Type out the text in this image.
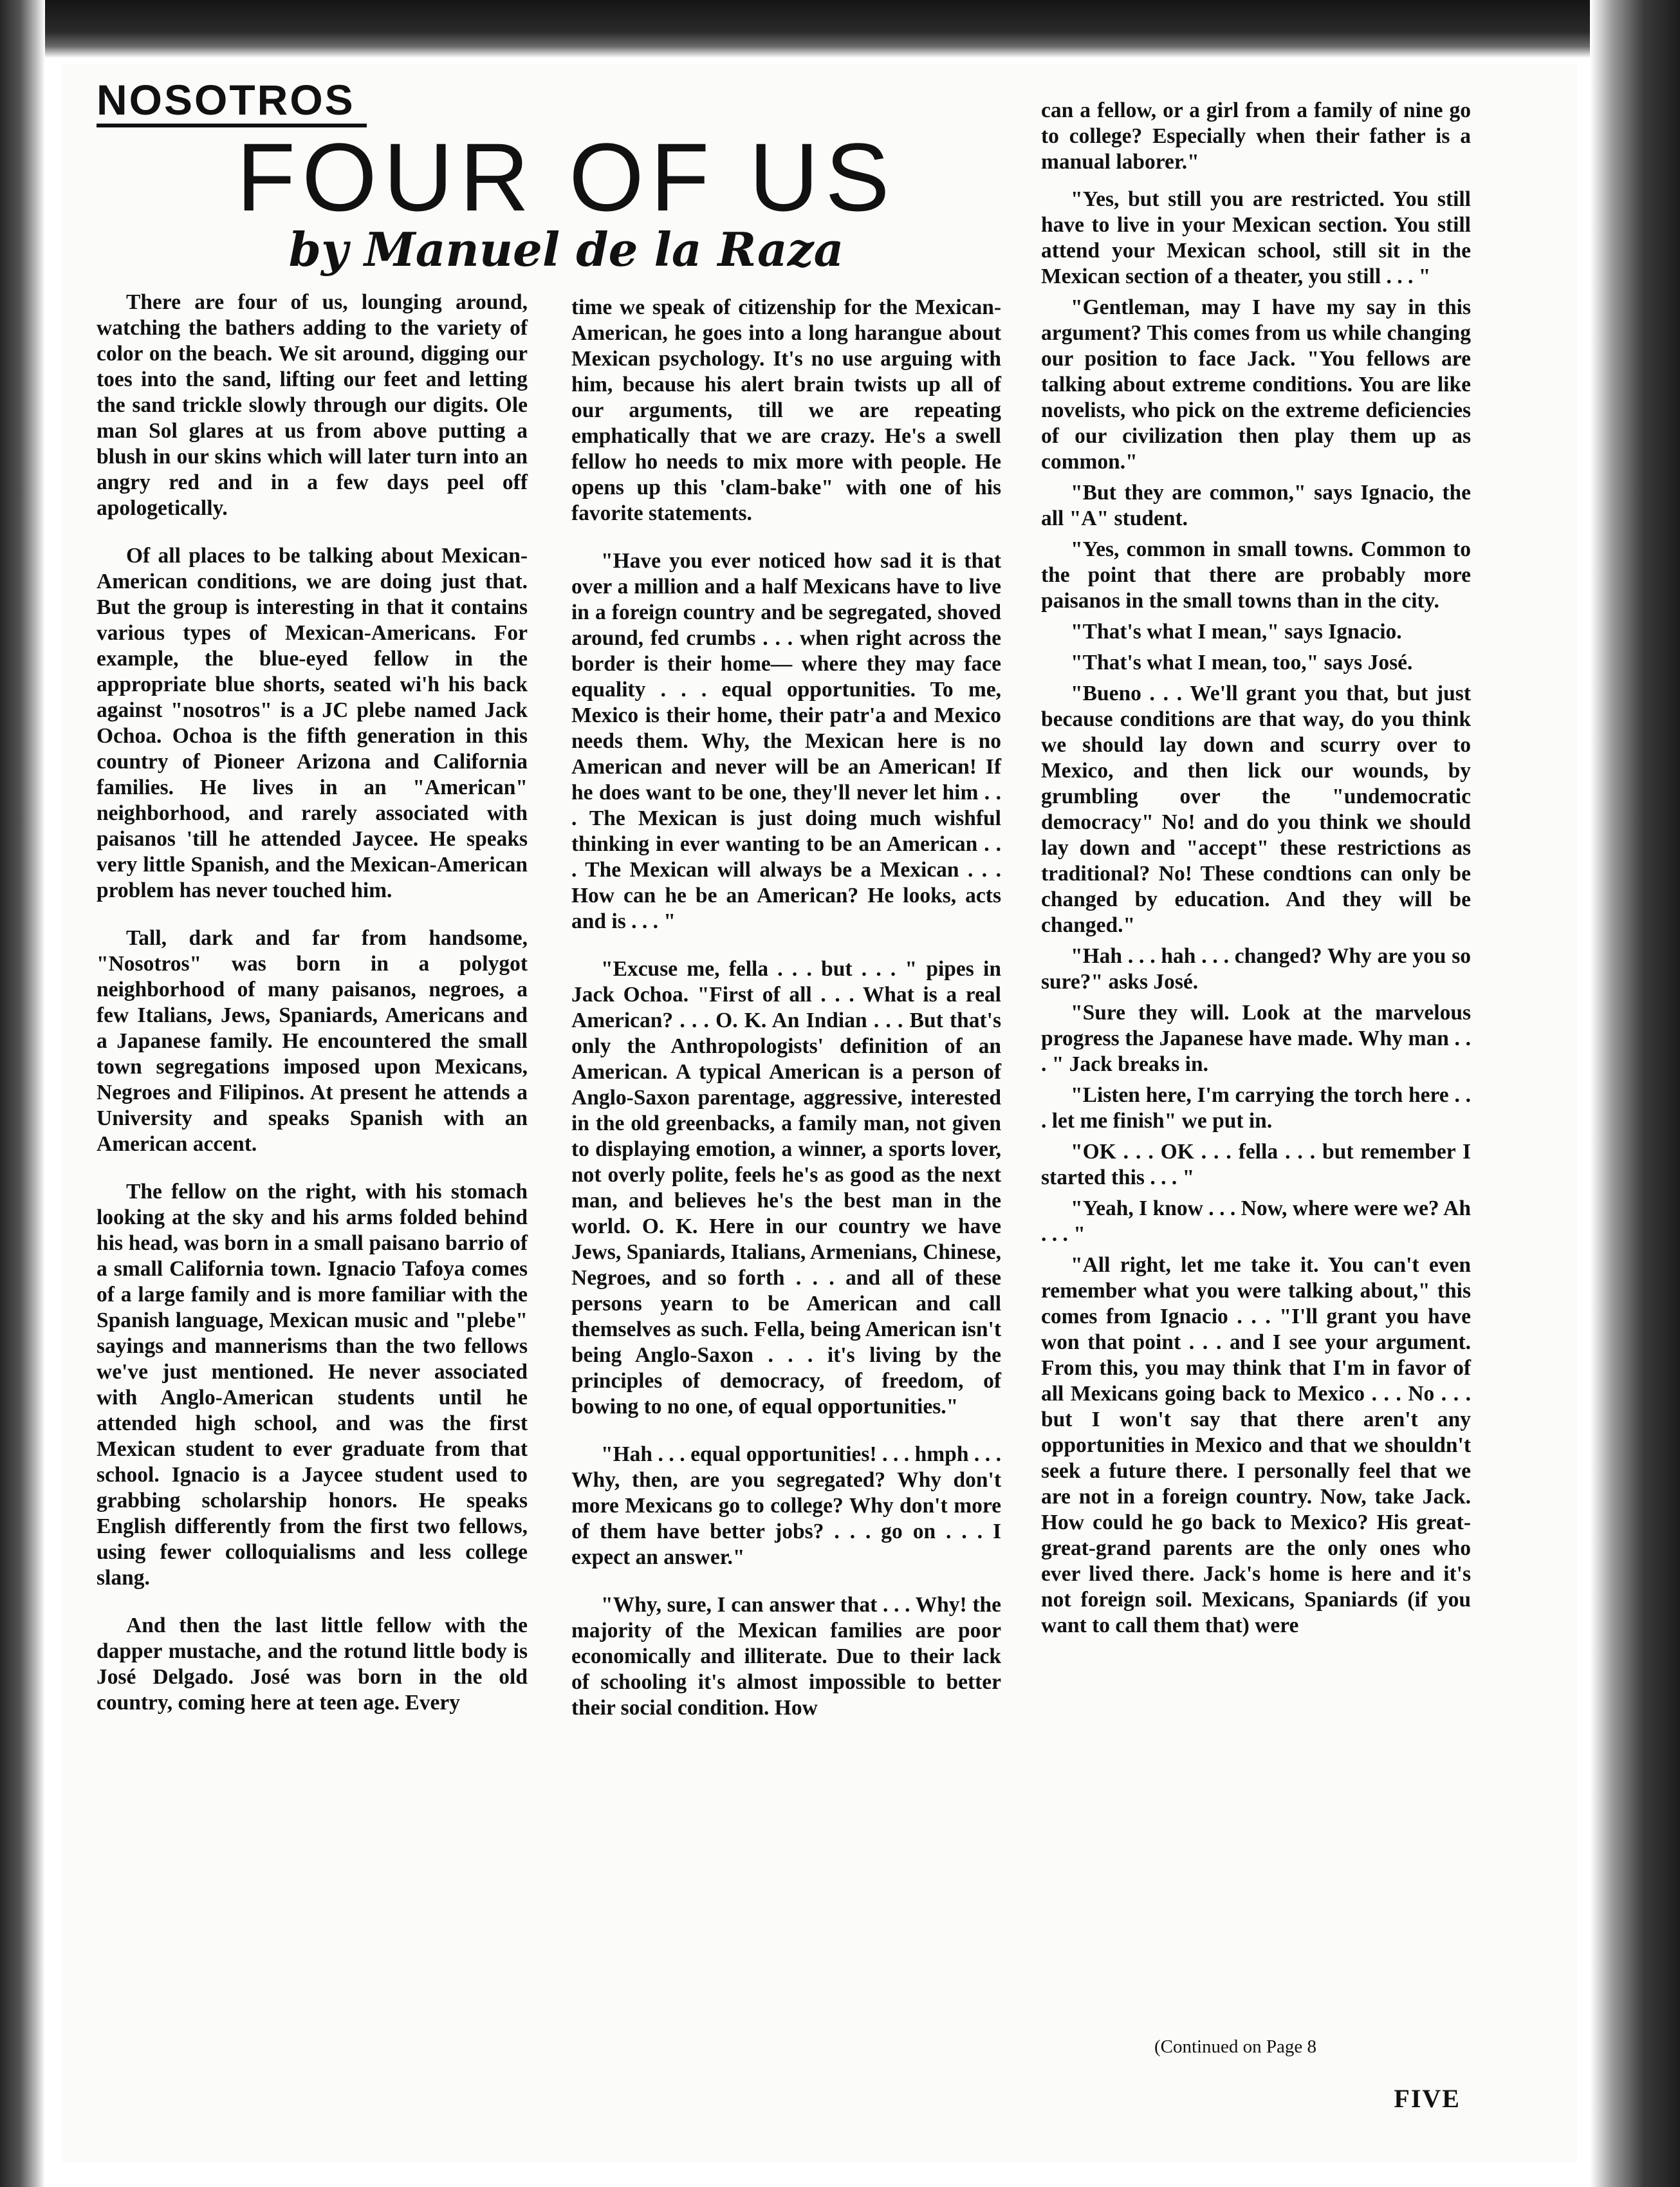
NOSOTROS
FOUR OF US
by Manuel de la Raza

There are four of us, lounging around, watching the bathers adding to the variety of color on the beach. We sit around, digging our toes into the sand, lifting our feet and letting the sand trickle slowly through our digits. Ole man Sol glares at us from above putting a blush in our skins which will later turn into an angry red and in a few days peel off apologetically.

Of all places to be talking about Mexican-American conditions, we are doing just that. But the group is interesting in that it contains various types of Mexican-Americans. For example, the blue-eyed fellow in the appropriate blue shorts, seated wi'h his back against "nosotros" is a JC plebe named Jack Ochoa. Ochoa is the fifth generation in this country of Pioneer Arizona and California families. He lives in an "American" neighborhood, and rarely associated with paisanos 'till he attended Jaycee. He speaks very little Spanish, and the Mexican-American problem has never touched him.

Tall, dark and far from handsome, "Nosotros" was born in a polygot neighborhood of many paisanos, negroes, a few Italians, Jews, Spaniards, Americans and a Japanese family. He encountered the small town segregations imposed upon Mexicans, Negroes and Filipinos. At present he attends a University and speaks Spanish with an American accent.

The fellow on the right, with his stomach looking at the sky and his arms folded behind his head, was born in a small paisano barrio of a small California town. Ignacio Tafoya comes of a large family and is more familiar with the Spanish language, Mexican music and "plebe" sayings and mannerisms than the two fellows we've just mentioned. He never associated with Anglo-American students until he attended high school, and was the first Mexican student to ever graduate from that school. Ignacio is a Jaycee student used to grabbing scholarship honors. He speaks English differently from the first two fellows, using fewer colloquialisms and less college slang.

And then the last little fellow with the dapper mustache, and the rotund little body is José Delgado. José was born in the old country, coming here at teen age. Every

time we speak of citizenship for the Mexican-American, he goes into a long harangue about Mexican psychology. It's no use arguing with him, because his alert brain twists up all of our arguments, till we are repeating emphatically that we are crazy. He's a swell fellow ho needs to mix more with people. He opens up this 'clam-bake" with one of his favorite statements.

"Have you ever noticed how sad it is that over a million and a half Mexicans have to live in a foreign country and be segregated, shoved around, fed crumbs . . . when right across the border is their home— where they may face equality . . . equal opportunities. To me, Mexico is their home, their patr'a and Mexico needs them. Why, the Mexican here is no American and never will be an American! If he does want to be one, they'll never let him . . . The Mexican is just doing much wishful thinking in ever wanting to be an American . . . The Mexican will always be a Mexican . . . How can he be an American? He looks, acts and is . . . "

"Excuse me, fella . . . but . . . " pipes in Jack Ochoa. "First of all . . . What is a real American? . . . O. K. An Indian . . . But that's only the Anthropologists' definition of an American. A typical American is a person of Anglo-Saxon parentage, aggressive, interested in the old greenbacks, a family man, not given to displaying emotion, a winner, a sports lover, not overly polite, feels he's as good as the next man, and believes he's the best man in the world. O. K. Here in our country we have Jews, Spaniards, Italians, Armenians, Chinese, Negroes, and so forth . . . and all of these persons yearn to be American and call themselves as such. Fella, being American isn't being Anglo-Saxon . . . it's living by the principles of democracy, of freedom, of bowing to no one, of equal opportunities."

"Hah . . . equal opportunities! . . . hmph . . . Why, then, are you segregated? Why don't more Mexicans go to college? Why don't more of them have better jobs? . . . go on . . . I expect an answer."

"Why, sure, I can answer that . . . Why! the majority of the Mexican families are poor economically and illiterate. Due to their lack of schooling it's almost impossible to better their social condition. How

can a fellow, or a girl from a family of nine go to college? Especially when their father is a manual laborer."

"Yes, but still you are restricted. You still have to live in your Mexican section. You still attend your Mexican school, still sit in the Mexican section of a theater, you still . . . "

"Gentleman, may I have my say in this argument? This comes from us while changing our position to face Jack. "You fellows are talking about extreme conditions. You are like novelists, who pick on the extreme deficiencies of our civilization then play them up as common."

"But they are common," says Ignacio, the all "A" student.

"Yes, common in small towns. Common to the point that there are probably more paisanos in the small towns than in the city.

"That's what I mean," says Ignacio.

"That's what I mean, too," says José.

"Bueno . . . We'll grant you that, but just because conditions are that way, do you think we should lay down and scurry over to Mexico, and then lick our wounds, by grumbling over the "undemocratic democracy" No! and do you think we should lay down and "accept" these restrictions as traditional? No! These condtions can only be changed by education. And they will be changed."

"Hah . . . hah . . . changed? Why are you so sure?" asks José.

"Sure they will. Look at the marvelous progress the Japanese have made. Why man . . . " Jack breaks in.

"Listen here, I'm carrying the torch here . . . let me finish" we put in.

"OK . . . OK . . . fella . . . but remember I started this . . . "

"Yeah, I know . . . Now, where were we? Ah . . . "

"All right, let me take it. You can't even remember what you were talking about," this comes from Ignacio . . . "I'll grant you have won that point . . . and I see your argument. From this, you may think that I'm in favor of all Mexicans going back to Mexico . . . No . . . but I won't say that there aren't any opportunities in Mexico and that we shouldn't seek a future there. I personally feel that we are not in a foreign country. Now, take Jack. How could he go back to Mexico? His great-great-grand parents are the only ones who ever lived there. Jack's home is here and it's not foreign soil. Mexicans, Spaniards (if you want to call them that) were

(Continued on Page 8
FIVE
